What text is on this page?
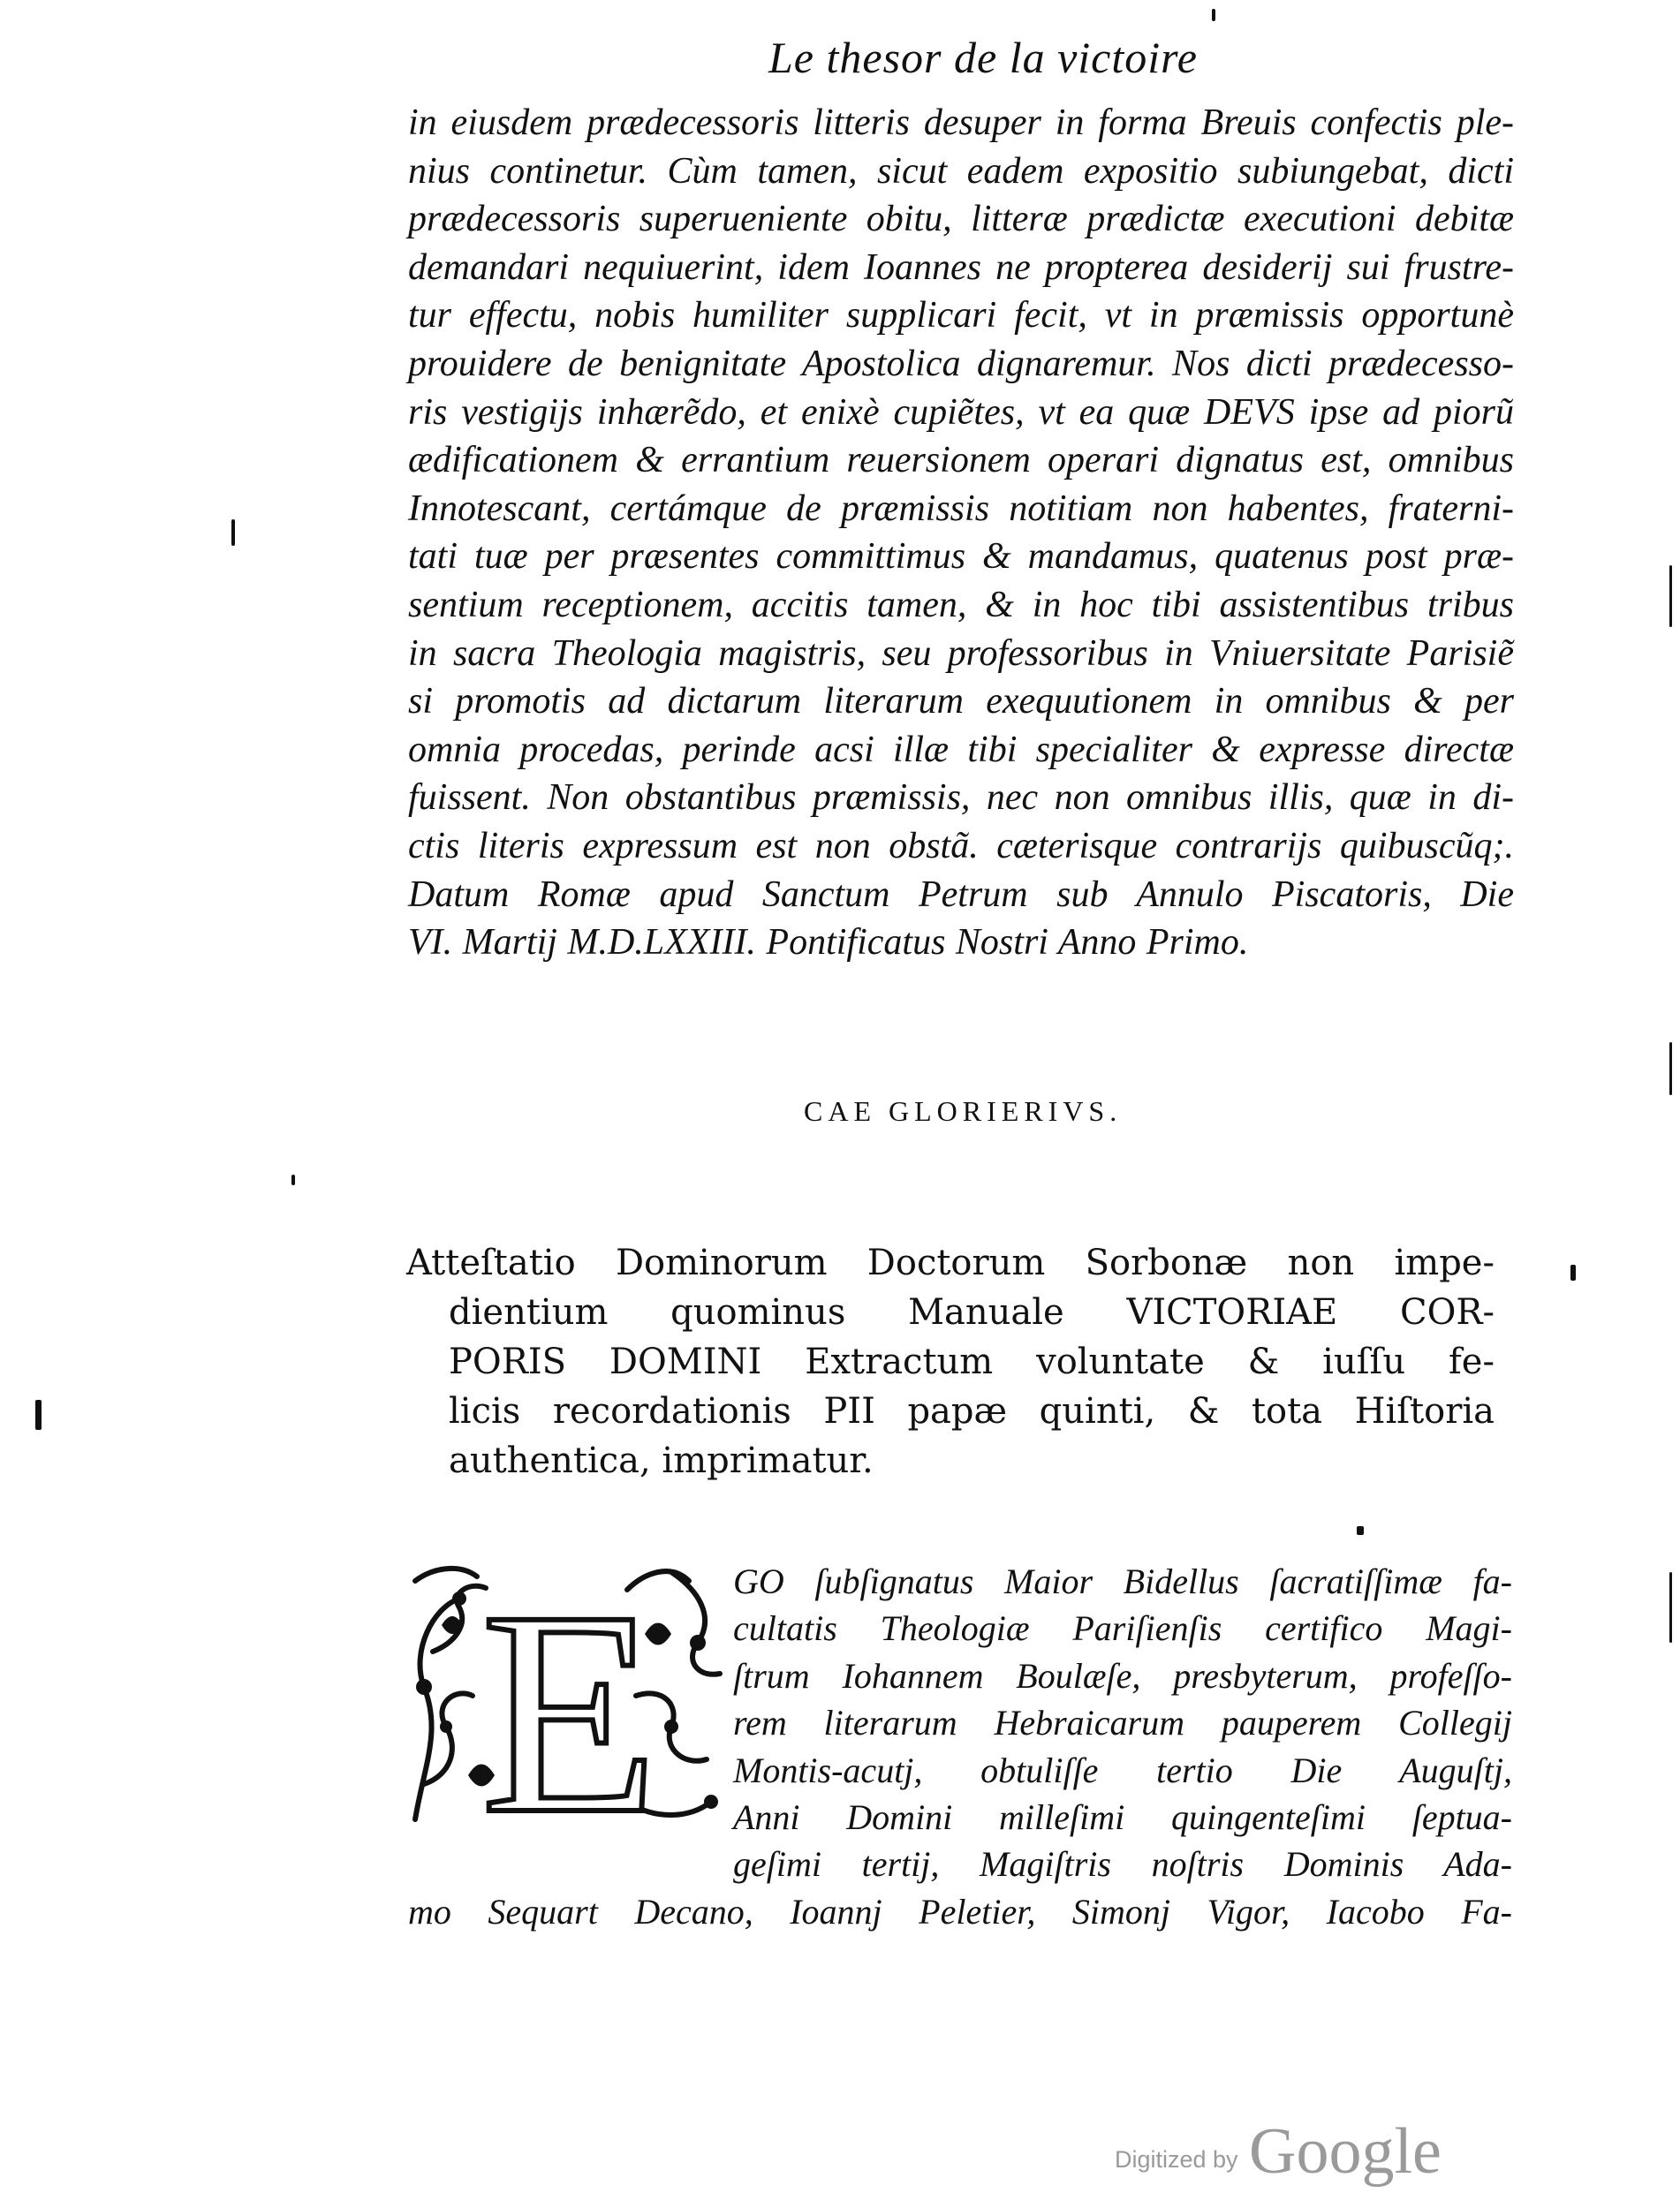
Le thesor de la victoire
in eiusdem prædecessoris litteris desuper in forma Breuis confectis ple-
nius continetur. Cùm tamen, sicut eadem expositio subiungebat, dicti
prædecessoris superueniente obitu, litteræ prædictæ executioni debitæ
demandari nequiuerint, idem Ioannes ne propterea desiderij sui frustre-
tur effectu, nobis humiliter supplicari fecit, vt in præmissis opportunè
prouidere de benignitate Apostolica dignaremur. Nos dicti prædecesso-
ris vestigijs inhærẽdo, et enixè cupiẽtes, vt ea quæ DEVS ipse ad piorũ
ædificationem & errantium reuersionem operari dignatus est, omnibus
Innotescant, certámque de præmissis notitiam non habentes, fraterni-
tati tuæ per præsentes committimus & mandamus, quatenus post præ-
sentium receptionem, accitis tamen, & in hoc tibi assistentibus tribus
in sacra Theologia magistris, seu professoribus in Vniuersitate Parisiẽ
si promotis ad dictarum literarum exequutionem in omnibus & per
omnia procedas, perinde acsi illæ tibi specialiter & expresse directæ
fuissent. Non obstantibus præmissis, nec non omnibus illis, quæ in di-
ctis literis expressum est non obstã. cæterisque contrarijs quibuscũq;.
Datum Romæ apud Sanctum Petrum sub Annulo Piscatoris, Die
VI. Martij M.D.LXXIII. Pontificatus Nostri Anno Primo.
CAE GLORIERIVS.
Atteſtatio Dominorum Doctorum Sorbonæ non impe-
dientium quominus Manuale VICTORIAE COR-
PORIS DOMINI Extractum voluntate & iuſſu fe-
licis recordationis PII papæ quinti, & tota Hiſtoria
authentica, imprimatur.
E	GO ſubſignatus Maior Bidellus ſacratiſſimæ fa-
cultatis Theologiæ Pariſienſis certifico Magi-
ſtrum Iohannem Boulæſe, presbyterum, profeſſo-
rem literarum Hebraicarum pauperem Collegij
Montis-acutj, obtuliſſe tertio Die Auguſtj,
Anni Domini milleſimi quingenteſimi ſeptua-
geſimi tertij, Magiſtris noſtris Dominis Ada-
mo Sequart Decano, Ioannj Peletier, Simonj Vigor, Iacobo Fa-
Digitized by Google
